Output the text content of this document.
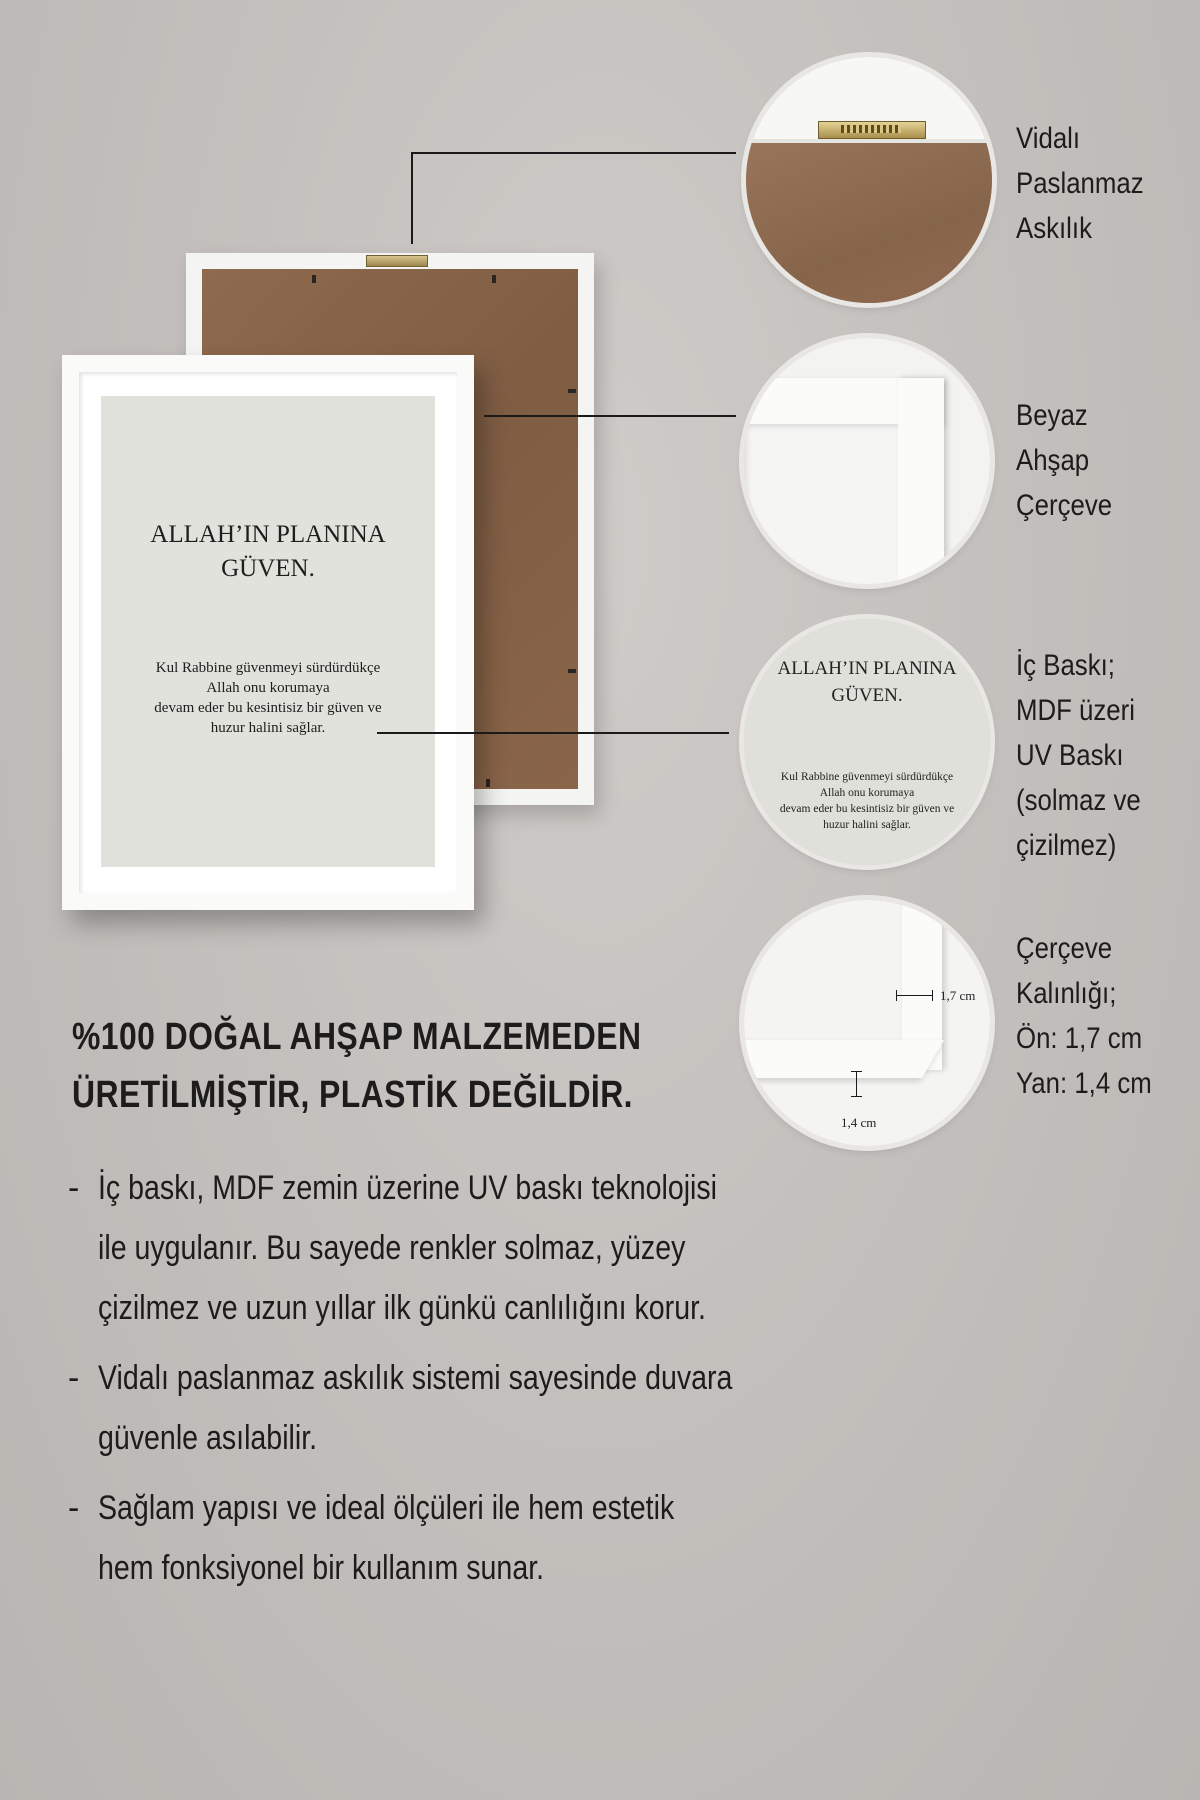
ALLAH’IN PLANINA
GÜVEN.
Kul Rabbine güvenmeyi sürdürdükçe
Allah onu korumaya
devam eder bu kesintisiz bir güven ve
huzur halini sağlar.
Vidalı
Paslanmaz
Askılık
Beyaz
Ahşap
Çerçeve
ALLAH’IN PLANINA
GÜVEN.
Kul Rabbine güvenmeyi sürdürdükçe
Allah onu korumaya
devam eder bu kesintisiz bir güven ve
huzur halini sağlar.
İç Baskı;
MDF üzeri
UV Baskı
(solmaz ve
çizilmez)
1,7 cm
1,4 cm
Çerçeve
Kalınlığı;
Ön: 1,7 cm
Yan: 1,4 cm
%100 DOĞAL AHŞAP MALZEMEDEN
ÜRETİLMİŞTİR, PLASTİK DEĞİLDİR.
- İç baskı, MDF zemin üzerine UV baskı teknolojisi ile uygulanır. Bu sayede renkler solmaz, yüzey çizilmez ve uzun yıllar ilk günkü canlılığını korur.
- Vidalı paslanmaz askılık sistemi sayesinde duvara güvenle asılabilir.
- Sağlam yapısı ve ideal ölçüleri ile hem estetik hem fonksiyonel bir kullanım sunar.
